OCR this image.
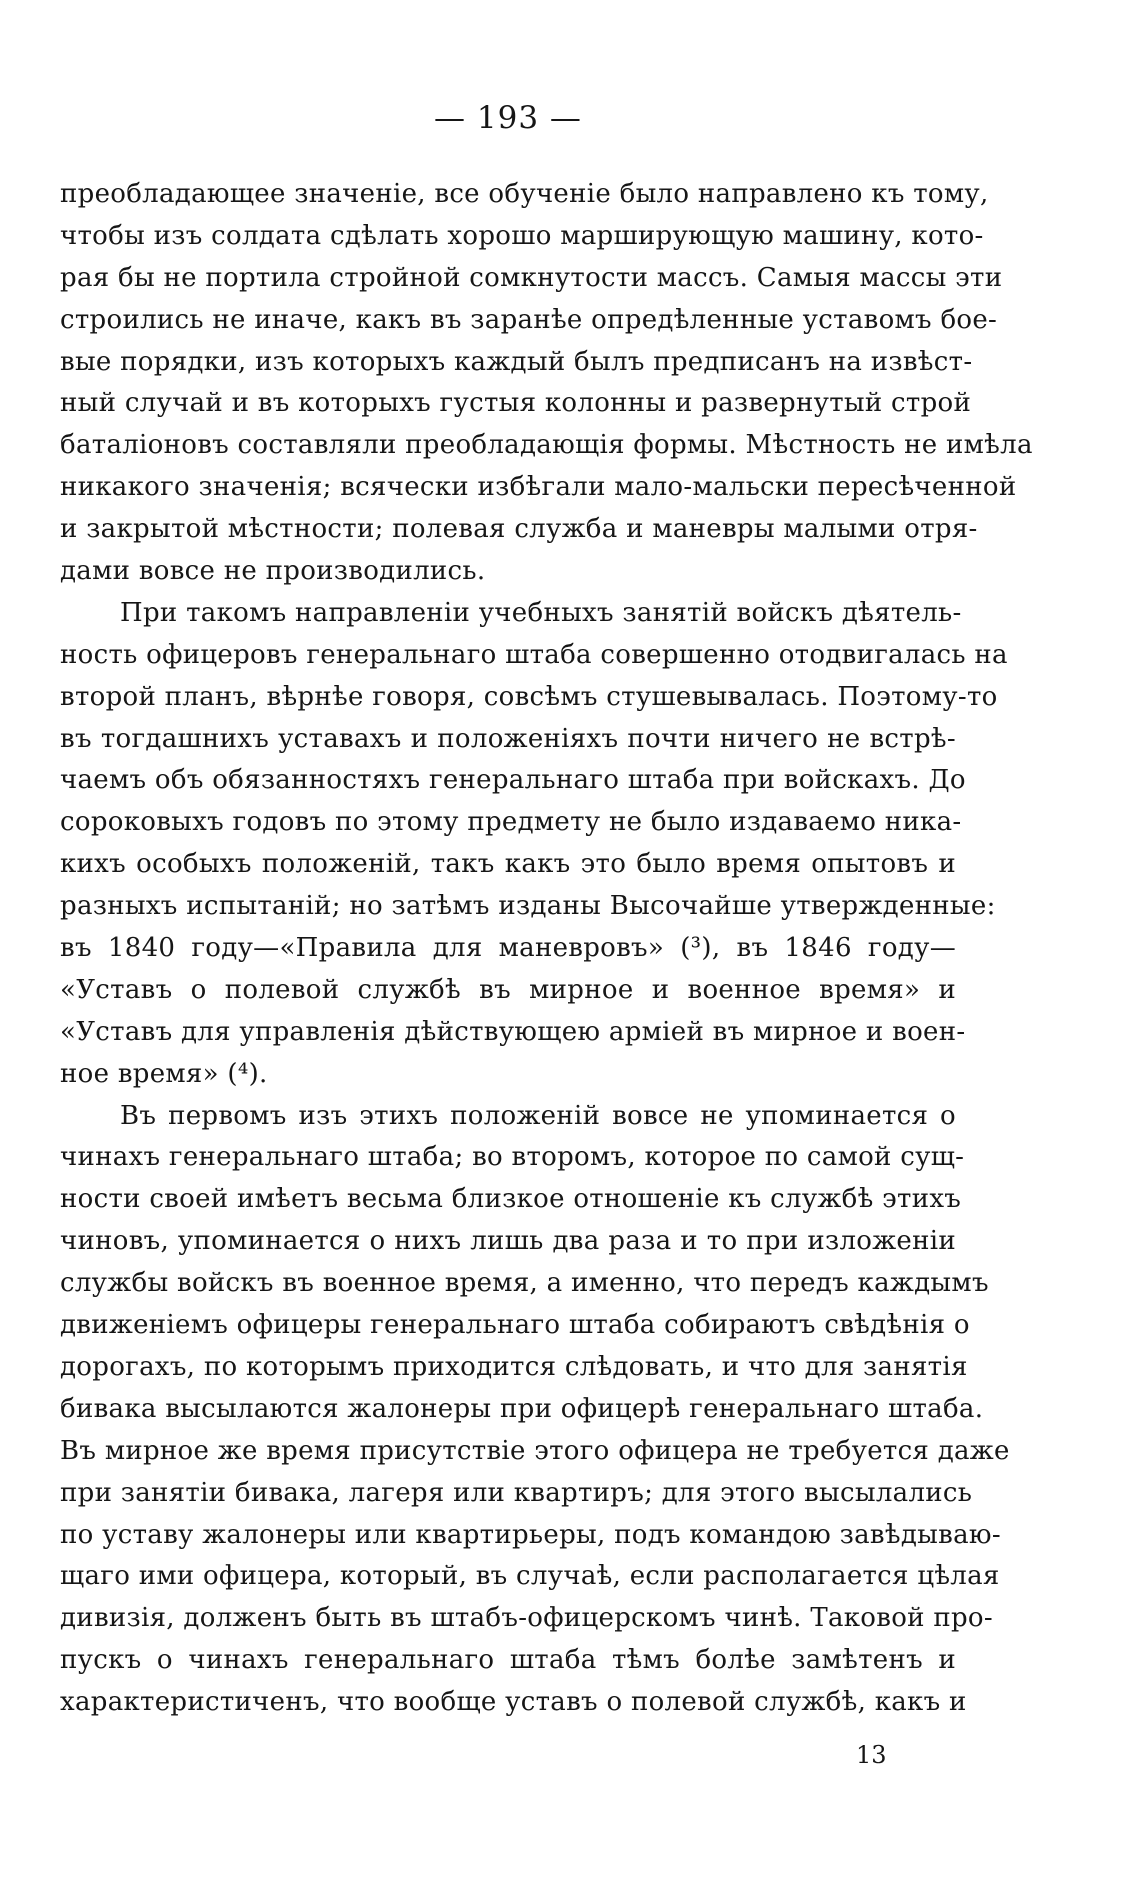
— 193 —
преобладающее значеніе, все обученіе было направлено къ тому,
чтобы изъ солдата сдѣлать хорошо марширующую машину, кото-
рая бы не портила стройной сомкнутости массъ. Самыя массы эти
строились не иначе, какъ въ заранѣе опредѣленные уставомъ бое-
вые порядки, изъ которыхъ каждый былъ предписанъ на извѣст-
ный случай и въ которыхъ густыя колонны и развернутый строй
баталіоновъ составляли преобладающія формы. Мѣстность не имѣла
никакого значенія; всячески избѣгали мало-мальски пересѣченной
и закрытой мѣстности; полевая служба и маневры малыми отря-
дами вовсе не производились.
При такомъ направленіи учебныхъ занятій войскъ дѣятель-
ность офицеровъ генеральнаго штаба совершенно отодвигалась на
второй планъ, вѣрнѣе говоря, совсѣмъ стушевывалась. Поэтому-то
въ тогдашнихъ уставахъ и положеніяхъ почти ничего не встрѣ-
чаемъ объ обязанностяхъ генеральнаго штаба при войскахъ. До
сороковыхъ годовъ по этому предмету не было издаваемо ника-
кихъ особыхъ положеній, такъ какъ это было время опытовъ и
разныхъ испытаній; но затѣмъ изданы Высочайше утвержденные:
въ 1840 году—«Правила для маневровъ» (³), въ 1846 году—
«Уставъ о полевой службѣ въ мирное и военное время» и
«Уставъ для управленія дѣйствующею арміей въ мирное и воен-
ное время» (⁴).
Въ первомъ изъ этихъ положеній вовсе не упоминается о
чинахъ генеральнаго штаба; во второмъ, которое по самой сущ-
ности своей имѣетъ весьма близкое отношеніе къ службѣ этихъ
чиновъ, упоминается о нихъ лишь два раза и то при изложеніи
службы войскъ въ военное время, а именно, что передъ каждымъ
движеніемъ офицеры генеральнаго штаба собираютъ свѣдѣнія о
дорогахъ, по которымъ приходится слѣдовать, и что для занятія
бивака высылаются жалонеры при офицерѣ генеральнаго штаба.
Въ мирное же время присутствіе этого офицера не требуется даже
при занятіи бивака, лагеря или квартиръ; для этого высылались
по уставу жалонеры или квартирьеры, подъ командою завѣдываю-
щаго ими офицера, который, въ случаѣ, если располагается цѣлая
дивизія, долженъ быть въ штабъ-офицерскомъ чинѣ. Таковой про-
пускъ о чинахъ генеральнаго штаба тѣмъ болѣе замѣтенъ и
характеристиченъ, что вообще уставъ о полевой службѣ, какъ и
13
